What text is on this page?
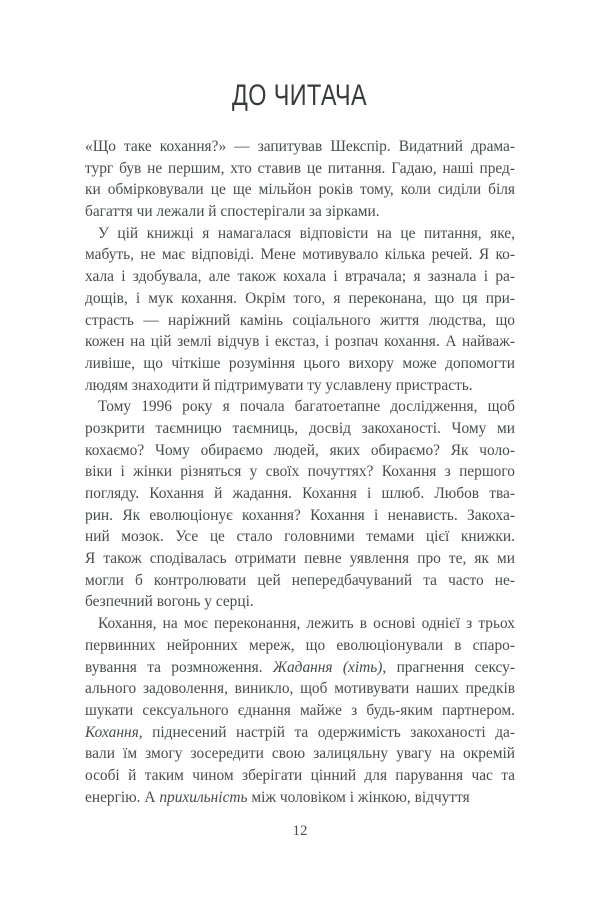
ДО ЧИТАЧА
«Що таке кохання?» — запитував Шекспір. Видатний драма-
тург був не першим, хто ставив це питання. Гадаю, наші пред-
ки обмірковували це ще мільйон років тому, коли сиділи біля
багаття чи лежали й спостерігали за зірками.
У цій книжці я намагалася відповісти на це питання, яке,
мабуть, не має відповіді. Мене мотивувало кілька речей. Я ко-
хала і здобувала, але також кохала і втрачала; я зазнала і ра-
дощів, і мук кохання. Окрім того, я переконана, що ця при-
страсть — наріжний камінь соціального життя людства, що
кожен на цій землі відчув і екстаз, і розпач кохання. А найваж-
ливіше, що чіткіше розуміння цього вихору може допомогти
людям знаходити й підтримувати ту уславлену пристрасть.
Тому 1996 року я почала багатоетапне дослідження, щоб
розкрити таємницю таємниць, досвід закоханості. Чому ми
кохаємо? Чому обираємо людей, яких обираємо? Як чоло-
віки і жінки різняться у своїх почуттях? Кохання з першого
погляду. Кохання й жадання. Кохання і шлюб. Любов тва-
рин. Як еволюціонує кохання? Кохання і ненависть. Закоха-
ний мозок. Усе це стало головними темами цієї книжки.
Я також сподівалась отримати певне уявлення про те, як ми
могли б контролювати цей непередбачуваний та часто не-
безпечний вогонь у серці.
Кохання, на моє переконання, лежить в основі однієї з трьох
первинних нейронних мереж, що еволюціонували в спаро-
вування та розмноження. Жадання (хіть), прагнення сексу-
ального задоволення, виникло, щоб мотивувати наших предків
шукати сексуального єднання майже з будь-яким партнером.
Кохання, піднесений настрій та одержимість закоханості да-
вали їм змогу зосередити свою залицяльну увагу на окремій
особі й таким чином зберігати цінний для парування час та
енергію. А прихильність між чоловіком і жінкою, відчуття
12
